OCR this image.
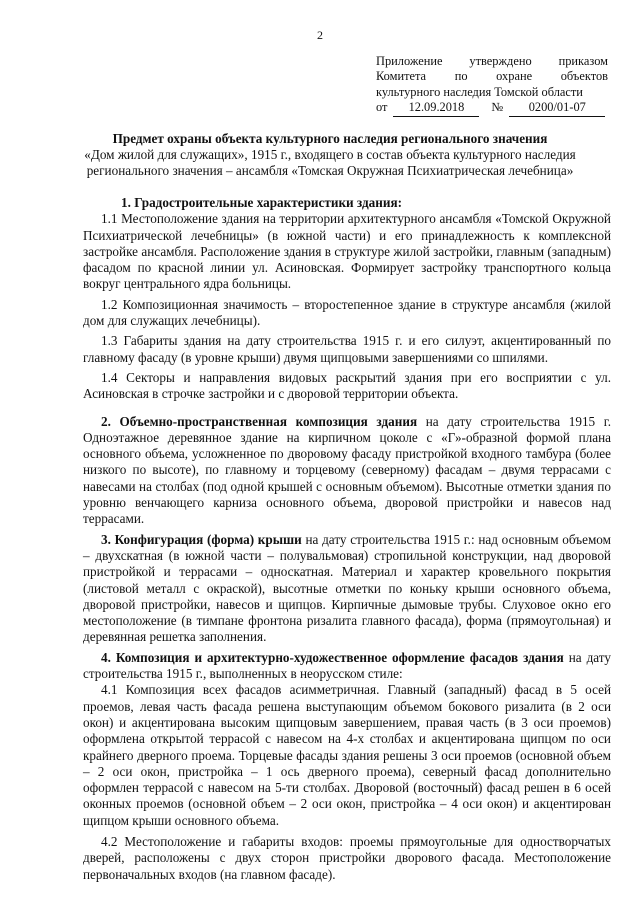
2
Приложение утверждено приказом
Комитета по охране объектов
культурного наследия Томской области
от	12.09.2018	№	0200/01-07
Предмет охраны объекта культурного наследия регионального значения
«Дом жилой для служащих», 1915 г., входящего в состав объекта культурного наследия регионального значения – ансамбля «Томская Окружная Психиатрическая лечебница»

1. Градостроительные характеристики здания:

1.1 Местоположение здания на территории архитектурного ансамбля «Томской Окружной Психиатрической лечебницы» (в южной части) и его принадлежность к комплексной застройке ансамбля. Расположение здания в структуре жилой застройки, главным (западным) фасадом по красной линии ул. Асиновская. Формирует застройку транспортного кольца вокруг центрального ядра больницы.

1.2 Композиционная значимость – второстепенное здание в структуре ансамбля (жилой дом для служащих лечебницы).

1.3 Габариты здания на дату строительства 1915 г. и его силуэт, акцентированный по главному фасаду (в уровне крыши) двумя щипцовыми завершениями со шпилями.

1.4 Секторы и направления видовых раскрытий здания при его восприятии с ул. Асиновская в строчке застройки и с дворовой территории объекта.

2. Объемно-пространственная композиция здания на дату строительства 1915 г. Одноэтажное деревянное здание на кирпичном цоколе с «Г»-образной формой плана основного объема, усложненное по дворовому фасаду пристройкой входного тамбура (более низкого по высоте), по главному и торцевому (северному) фасадам – двумя террасами с навесами на столбах (под одной крышей с основным объемом). Высотные отметки здания по уровню венчающего карниза основного объема, дворовой пристройки и навесов над террасами.

3. Конфигурация (форма) крыши на дату строительства 1915 г.: над основным объемом – двухскатная (в южной части – полувальмовая) стропильной конструкции, над дворовой пристройкой и террасами – односкатная. Материал и характер кровельного покрытия (листовой металл с окраской), высотные отметки по коньку крыши основного объема, дворовой пристройки, навесов и щипцов. Кирпичные дымовые трубы. Слуховое окно его местоположение (в тимпане фронтона ризалита главного фасада), форма (прямоугольная) и деревянная решетка заполнения.

4. Композиция и архитектурно-художественное оформление фасадов здания на дату строительства 1915 г., выполненных в неорусском стиле:

4.1 Композиция всех фасадов асимметричная. Главный (западный) фасад в 5 осей проемов, левая часть фасада решена выступающим объемом бокового ризалита (в 2 оси окон) и акцентирована высоким щипцовым завершением, правая часть (в 3 оси проемов) оформлена открытой террасой с навесом на 4-х столбах и акцентирована щипцом по оси крайнего дверного проема. Торцевые фасады здания решены 3 оси проемов (основной объем – 2 оси окон, пристройка – 1 ось дверного проема), северный фасад дополнительно оформлен террасой с навесом на 5-ти столбах. Дворовой (восточный) фасад решен в 6 осей оконных проемов (основной объем – 2 оси окон, пристройка – 4 оси окон) и акцентирован щипцом крыши основного объема.

4.2 Местоположение и габариты входов: проемы прямоугольные для одностворчатых дверей, расположены с двух сторон пристройки дворового фасада. Местоположение первоначальных входов (на главном фасаде).
